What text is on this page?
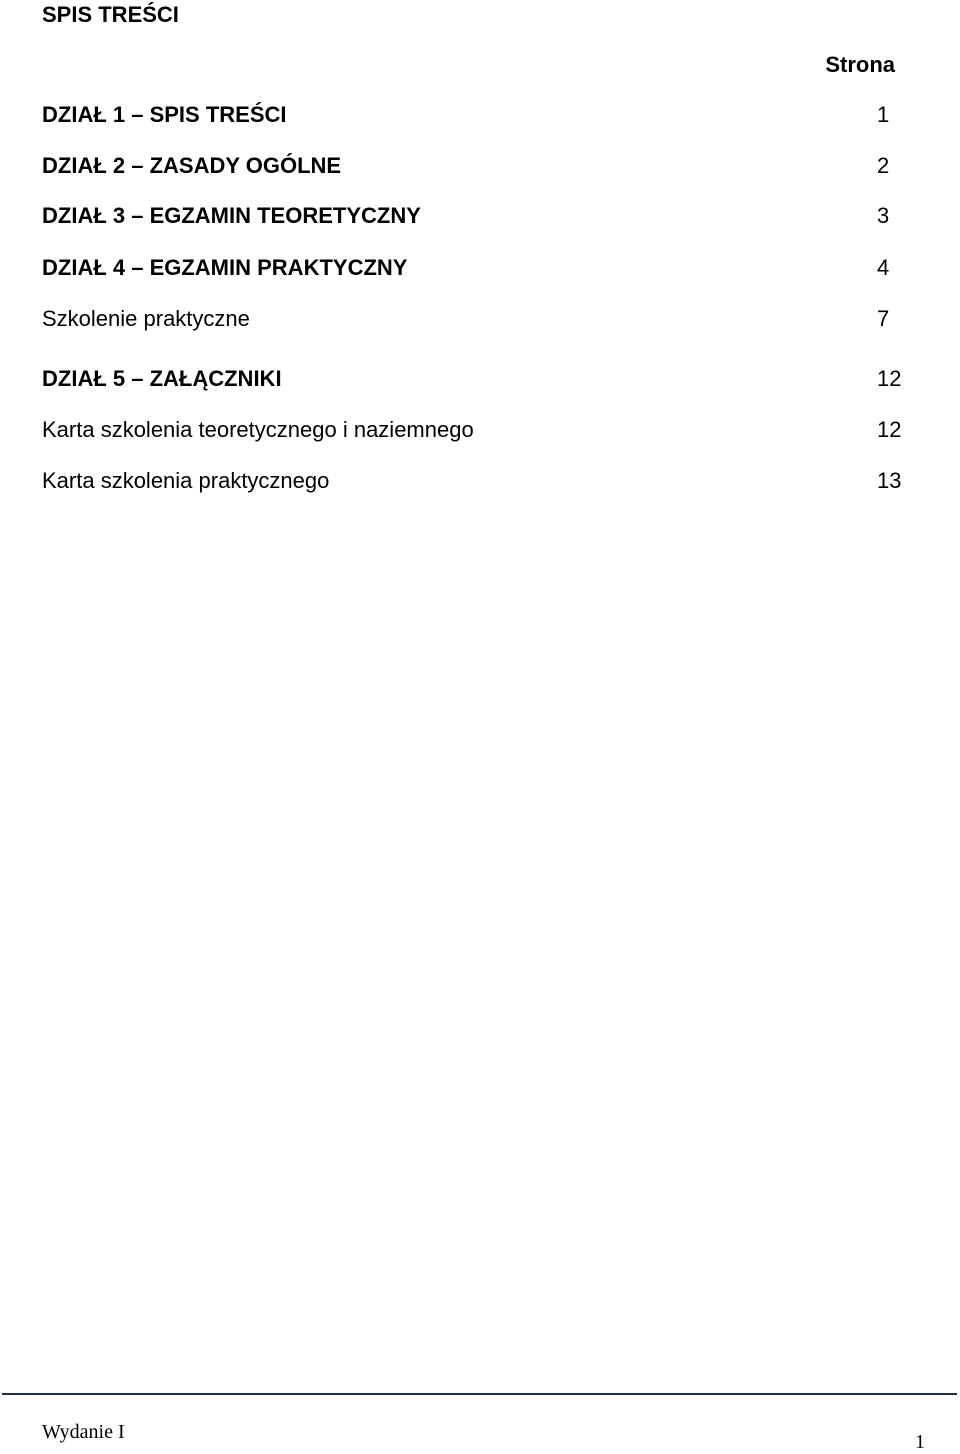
SPIS TREŚCI
Strona
DZIAŁ 1 – SPIS TREŚCI	1
DZIAŁ 2 – ZASADY OGÓLNE	2
DZIAŁ 3 – EGZAMIN TEORETYCZNY	3
DZIAŁ 4 – EGZAMIN PRAKTYCZNY	4
Szkolenie praktyczne	7
DZIAŁ 5 – ZAŁĄCZNIKI	12
Karta szkolenia teoretycznego i naziemnego	12
Karta szkolenia praktycznego	13
Wydanie I	1
